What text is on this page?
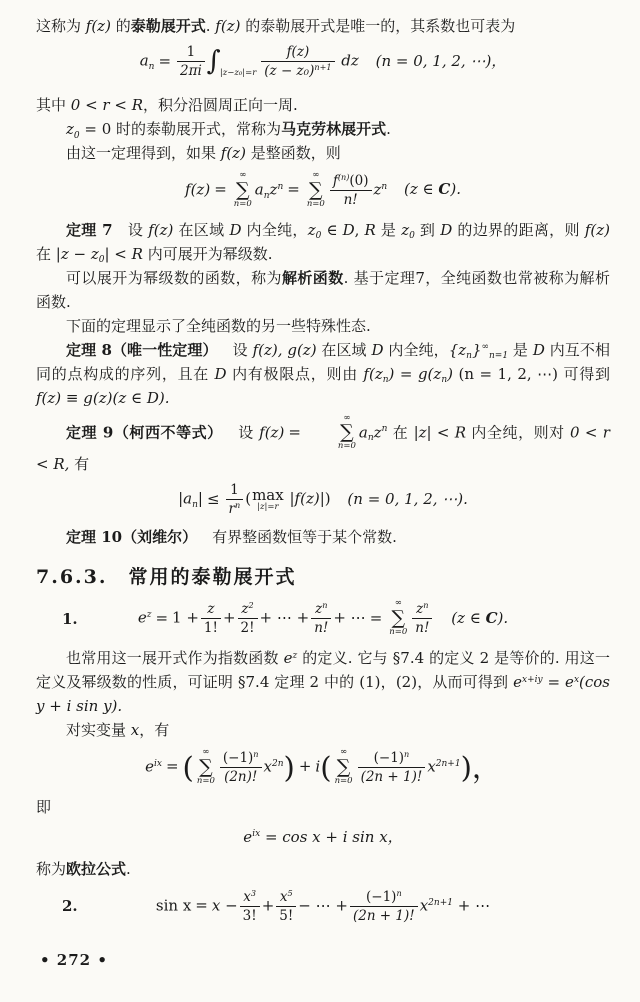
这称为 f(z) 的泰勒展开式. f(z) 的泰勒展开式是唯一的，其系数也可表为

$a_n = \frac{1}{2\pi i} \int_{|z-z_0|=r} \frac{f(z)}{(z - z_0)^{n+1}}$ dz (n = 0, 1, 2, ⋯)，

其中 0 < r < R，积分沿圆周正向一周.

$z_0 = 0$ 时的泰勒展开式，常称为马克劳林展开式.

由这一定理得到，如果 f(z) 是整函数，则

f(z) =
∞
∑
n=0
$a_nz^n$ =
∞
∑
$n=0 \frac{f^{(n)}(0)}{n!} z^n$ (z ∈ C).

定理 7 设 f(z) 在区域 D 内全纯，$z_0$ ∈ D, R 是 $z_0$ 到 D 的边界的距离，则 f(z) 在 $|z - z_0| < R$ 内可展开为幂级数.

可以展开为幂级数的函数，称为解析函数. 基于定理7，全纯函数也常被称为解析函数.

下面的定理显示了全纯函数的另一些特殊性态.

定理 8（唯一性定理） 设 f(z), g(z) 在区域 D 内全纯，$\{z_n\}^\infty_{n=1}$ 是 D 内互不相同的点构成的序列，且在 D 内有极限点，则由 $f(z_n) = g(z_n) (n = 1$, 2, ⋯) 可得到 f(z) ≡ g(z)(z ∈ D).

定理 9（柯西不等式） 设 f(z) =
∞
∑
n=0
$a_nz^n$ 在 |z| < R 内全纯，则对 0 < r < R, 有

$|a_n| \le \frac{1}{r^n}$ ( max
|z|=r |f(z)|) (n = 0, 1, 2, ⋯).

定理 10（刘维尔） 有界整函数恒等于某个常数.

7.6.3. 常用的泰勒展开式
1.	$e^z = 1 + \frac{z}{1!} + \frac{z^2}{2!}$ + ⋯ + $\frac{z^n}{n!}$ + ⋯ =
∞
∑
$n=0 \frac{z^n}{n!} (z$ ∈ C).

也常用这一展开式作为指数函数 $e^z$ 的定义. 它与 §7.4 的定义 2 是等价的. 用这一定义及幂级数的性质，可证明 §7.4 定理 2 中的 (1)，(2)，从而可得到 $e^{x+iy} = e^x(\cos$ y + i sin y).

对实变量 x，有

$e^{ix}$ = ( ∞
∑
$n=0 \frac{(-1)^n}{(2n)!} x^{2n}) + i$( ∞
∑
$n=0 \frac{(-1)^n}{(2n + 1)!} x^{2n+1}$)，

即

$e^{ix} = \cos x + i$ sin x，

称为欧拉公式.

2.	$\sin x = x - \frac{x^3}{3!} + \frac{x^5}{5!}$ − ⋯ + $\frac{(-1)^n}{(2n + 1)!} x^{2n+1}$ + ⋯
• 272 •
